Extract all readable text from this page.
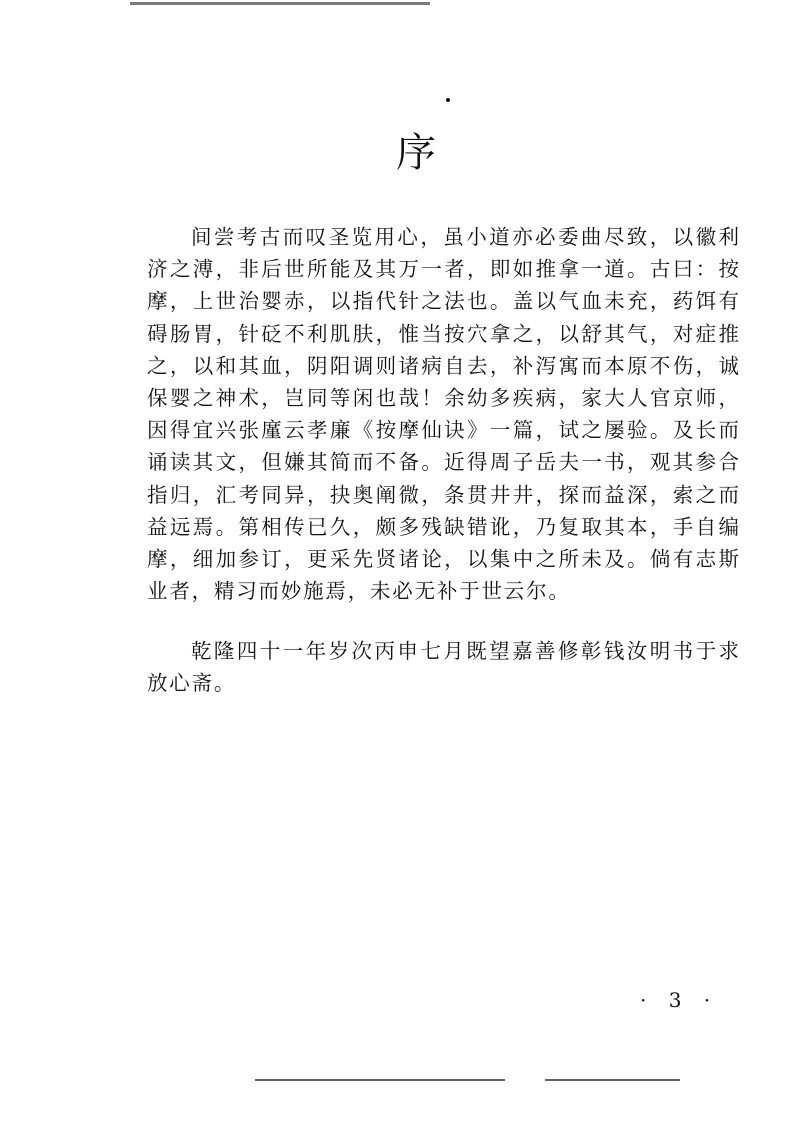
序
间尝考古而叹圣览用心，虽小道亦必委曲尽致，以徽利
济之溥，非后世所能及其万一者，即如推拿一道。古曰：按
摩，上世治婴赤，以指代针之法也。盖以气血未充，药饵有
碍肠胃，针砭不利肌肤，惟当按穴拿之，以舒其气，对症推
之，以和其血，阴阳调则诸病自去，补泻寓而本原不伤，诚
保婴之神术，岂同等闲也哉！余幼多疾病，家大人官京师，
因得宜兴张廑云孝廉《按摩仙诀》一篇，试之屡验。及长而
诵读其文，但嫌其简而不备。近得周子岳夫一书，观其参合
指归，汇考同异，抉奥阐微，条贯井井，探而益深，索之而
益远焉。第相传已久，颇多残缺错讹，乃复取其本，手自编
摩，细加参订，更采先贤诸论，以集中之所未及。倘有志斯
业者，精习而妙施焉，未必无补于世云尔。
乾隆四十一年岁次丙申七月既望嘉善修彰钱汝明书于求
放心斋。
· 3 ·
